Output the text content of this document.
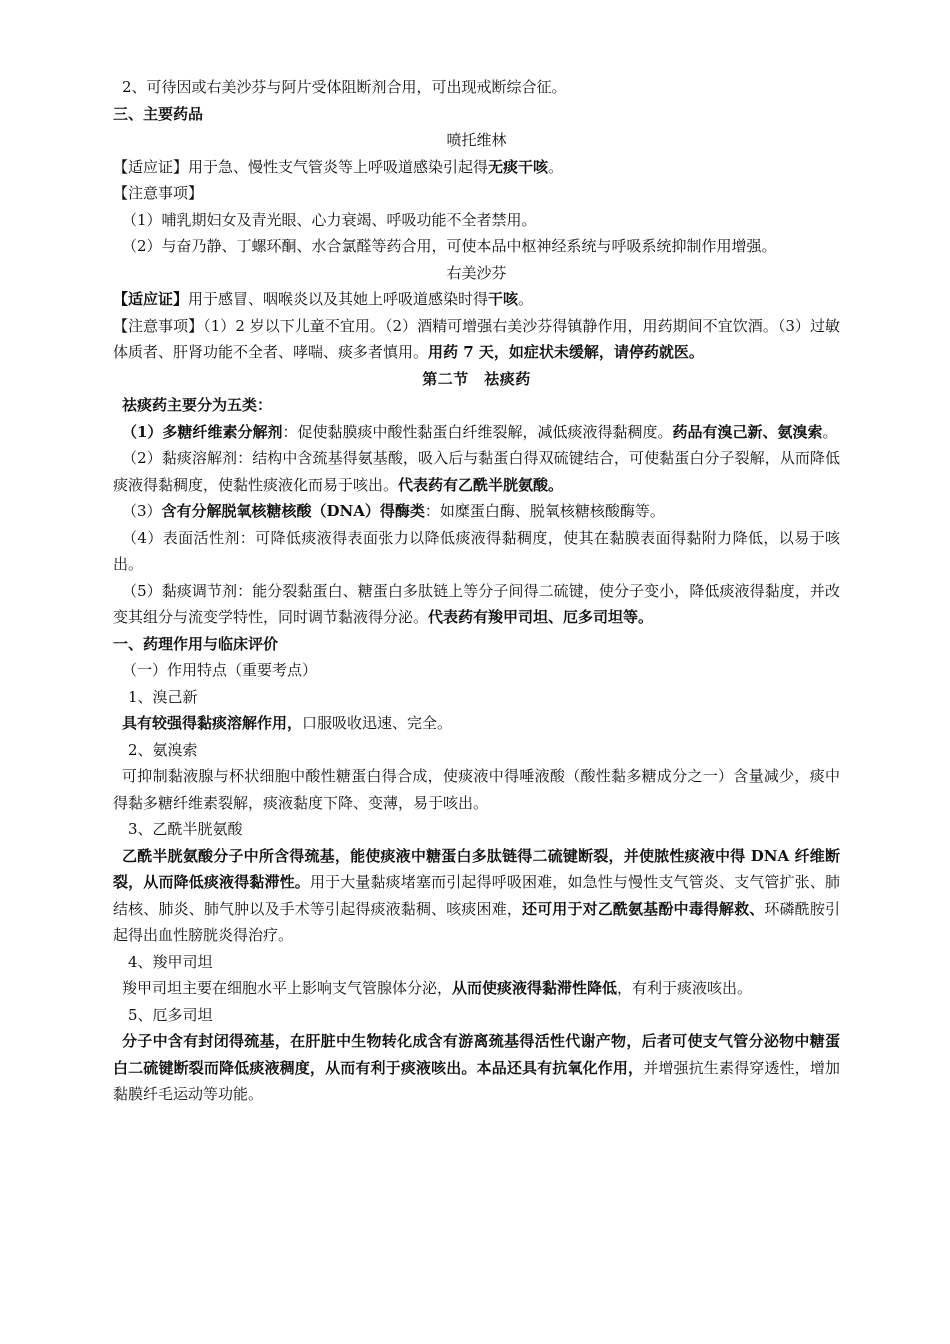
2、可待因或右美沙芬与阿片受体阻断剂合用，可出现戒断综合征。

三、主要药品

喷托维林

【适应证】用于急、慢性支气管炎等上呼吸道感染引起得无痰干咳。

【注意事项】

（1）哺乳期妇女及青光眼、心力衰竭、呼吸功能不全者禁用。

（2）与奋乃静、丁螺环酮、水合氯醛等药合用，可使本品中枢神经系统与呼吸系统抑制作用增强。

右美沙芬

【适应证】用于感冒、咽喉炎以及其她上呼吸道感染时得干咳。

【注意事项】（1）2 岁以下儿童不宜用。（2）酒精可增强右美沙芬得镇静作用，用药期间不宜饮酒。（3）过敏体质者、肝肾功能不全者、哮喘、痰多者慎用。用药 7 天，如症状未缓解，请停药就医。

第二节　祛痰药

祛痰药主要分为五类：

（1）多糖纤维素分解剂：促使黏膜痰中酸性黏蛋白纤维裂解，减低痰液得黏稠度。药品有溴己新、氨溴索。

（2）黏痰溶解剂：结构中含巯基得氨基酸，吸入后与黏蛋白得双硫键结合，可使黏蛋白分子裂解，从而降低痰液得黏稠度，使黏性痰液化而易于咳出。代表药有乙酰半胱氨酸。

（3）含有分解脱氧核糖核酸（DNA）得酶类：如糜蛋白酶、脱氧核糖核酸酶等。

（4）表面活性剂：可降低痰液得表面张力以降低痰液得黏稠度，使其在黏膜表面得黏附力降低，以易于咳出。

（5）黏痰调节剂：能分裂黏蛋白、糖蛋白多肽链上等分子间得二硫键，使分子变小，降低痰液得黏度，并改变其组分与流变学特性，同时调节黏液得分泌。代表药有羧甲司坦、厄多司坦等。

一、药理作用与临床评价

（一）作用特点（重要考点）

1、溴己新

具有较强得黏痰溶解作用，口服吸收迅速、完全。

2、氨溴索

可抑制黏液腺与杯状细胞中酸性糖蛋白得合成，使痰液中得唾液酸（酸性黏多糖成分之一）含量减少，痰中得黏多糖纤维素裂解，痰液黏度下降、变薄，易于咳出。

3、乙酰半胱氨酸

乙酰半胱氨酸分子中所含得巯基，能使痰液中糖蛋白多肽链得二硫键断裂，并使脓性痰液中得 DNA 纤维断裂，从而降低痰液得黏滞性。用于大量黏痰堵塞而引起得呼吸困难，如急性与慢性支气管炎、支气管扩张、肺结核、肺炎、肺气肿以及手术等引起得痰液黏稠、咳痰困难，还可用于对乙酰氨基酚中毒得解救、环磷酰胺引起得出血性膀胱炎得治疗。

4、羧甲司坦

羧甲司坦主要在细胞水平上影响支气管腺体分泌，从而使痰液得黏滞性降低，有利于痰液咳出。

5、厄多司坦

分子中含有封闭得巯基，在肝脏中生物转化成含有游离巯基得活性代谢产物，后者可使支气管分泌物中糖蛋白二硫键断裂而降低痰液稠度，从而有利于痰液咳出。本品还具有抗氧化作用，并增强抗生素得穿透性，增加黏膜纤毛运动等功能。
